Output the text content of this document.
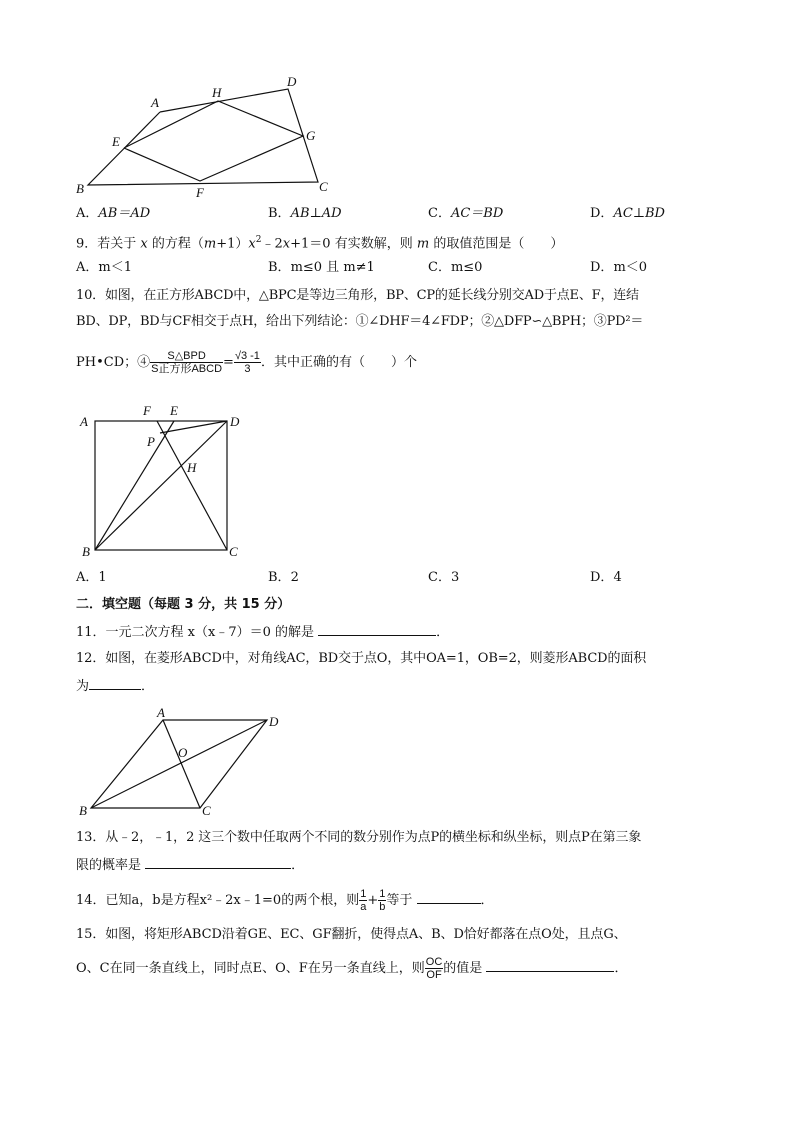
A
H
D
E	G
B	F	C
A．AB＝AD	B．AB⊥AD	C．AC＝BD	D．AC⊥BD
9．若关于 x 的方程$(m+1)x^2﹣2x+1=0$ 有实数解，则 m 的取值范围是（　　）
A．m＜1	B．m≤0 且 m≠1	C．m≤0	D．m＜0
10．如图，在正方形ABCD中，△BPC是等边三角形，BP、CP的延长线分别交AD于点E、F，连结
BD、DP，BD与CF相交于点H，给出下列结论：①∠DHF＝4∠FDP；②△DFP∽△BPH；③PD²＝
PH•CD；④ $\frac{\text{S△BPD}}{\text{S正方形ABCD}} = \frac{√3 -1}{3}$ ．其中正确的有（　　）个
A
F E
D
P
H
B	C
A．1	B．2	C．3	D．4
二．填空题（每题 3 分，共 15 分）
11．一元二次方程 x（x﹣7）＝0 的解是	．
12．如图，在菱形ABCD中，对角线AC，BD交于点O，其中OA=1，OB=2，则菱形ABCD的面积
为	．
A
D
O
B	C
13．从﹣2，﹣1，2 这三个数中任取两个不同的数分别作为点P的横坐标和纵坐标，则点P在第三象
限的概率是	．
14．已知a，b是方程x²﹣2x﹣1=0的两个根，则 $\frac{1}{a} + \frac{1}{b}$ 等于	．
15．如图，将矩形ABCD沿着GE、EC、GF翻折，使得点A、B、D恰好都落在点O处，且点G、
O、C在同一条直线上，同时点E、O、F在另一条直线上，则 $\frac{OC}{OF}$ 的值是	．
